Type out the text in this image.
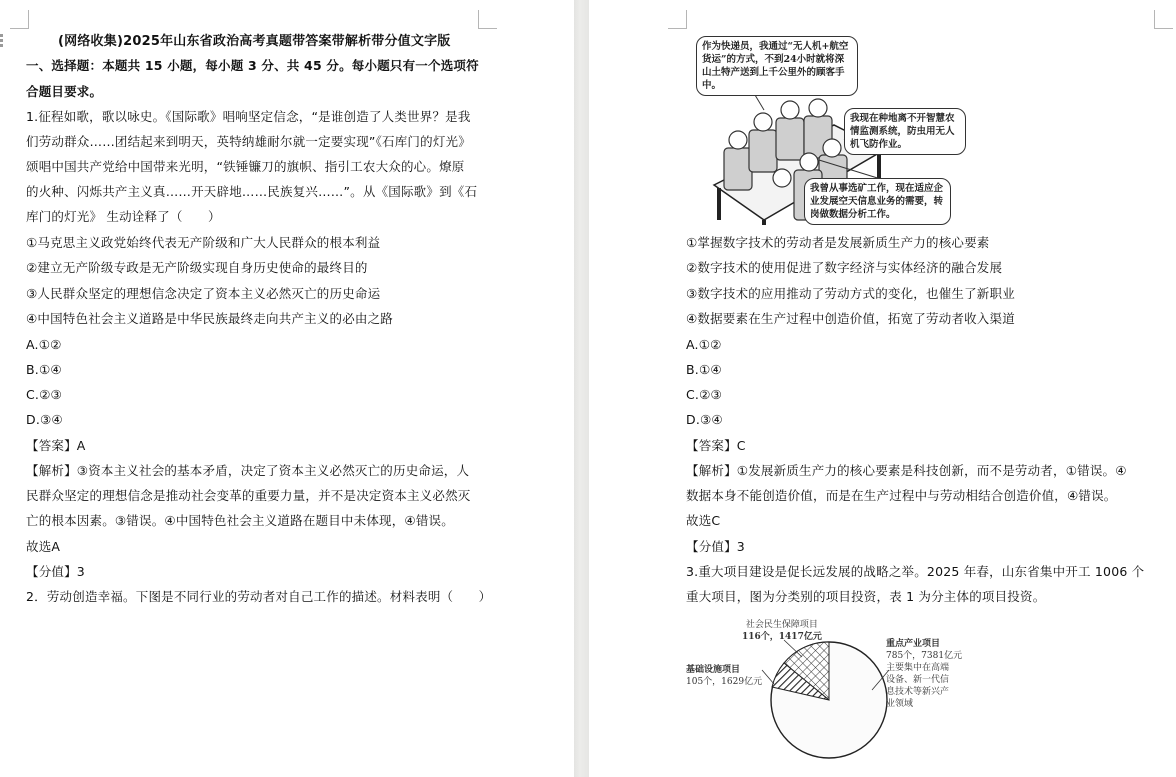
(网络收集)2025年山东省政治高考真题带答案带解析带分值文字版
一、选择题：本题共 15 小题，每小题 3 分、共 45 分。每小题只有一个选项符
合题目要求。
1.征程如歌，歌以咏史。《国际歌》唱响坚定信念，“是谁创造了人类世界？是我
们劳动群众……团结起来到明天，英特纳雄耐尔就一定要实现”《石库门的灯光》
颂唱中国共产党给中国带来光明，“铁锤镰刀的旗帜、指引工农大众的心。燎原
的火种、闪烁共产主义真……开天辟地……民族复兴……”。从《国际歌》到《石
库门的灯光》 生动诠释了（　　）
①马克思主义政党始终代表无产阶级和广大人民群众的根本利益
②建立无产阶级专政是无产阶级实现自身历史使命的最终目的
③人民群众坚定的理想信念决定了资本主义必然灭亡的历史命运
④中国特色社会主义道路是中华民族最终走向共产主义的必由之路
A.①②
B.①④
C.②③
D.③④
【答案】A
【解析】③资本主义社会的基本矛盾，决定了资本主义必然灭亡的历史命运，人
民群众坚定的理想信念是推动社会变革的重要力量，并不是决定资本主义必然灭
亡的根本因素。③错误。④中国特色社会主义道路在题目中未体现，④错误。
故选A
【分值】3
2．劳动创造幸福。下图是不同行业的劳动者对自己工作的描述。材料表明（　　）
作为快递员，我通过“无人机+航空货运”的方式，不到24小时就将深山土特产送到上千公里外的顾客手中。
我现在种地离不开智慧农情监测系统，防虫用无人机飞防作业。
我曾从事选矿工作，现在适应企业发展空天信息业务的需要，转岗做数据分析工作。
①掌握数字技术的劳动者是发展新质生产力的核心要素
②数字技术的使用促进了数字经济与实体经济的融合发展
③数字技术的应用推动了劳动方式的变化，也催生了新职业
④数据要素在生产过程中创造价值，拓宽了劳动者收入渠道
A.①②
B.①④
C.②③
D.③④
【答案】C
【解析】①发展新质生产力的核心要素是科技创新，而不是劳动者，①错误。④
数据本身不能创造价值，而是在生产过程中与劳动相结合创造价值，④错误。
故选C
【分值】3
3.重大项目建设是促长远发展的战略之举。2025 年春，山东省集中开工 1006 个
重大项目，图为分类别的项目投资，表 1 为分主体的项目投资。
社会民生保障项目
116个，1417亿元
基础设施项目
105个，1629亿元
重点产业项目
785个，7381亿元
主要集中在高端
设备、新一代信
息技术等新兴产
业领域
